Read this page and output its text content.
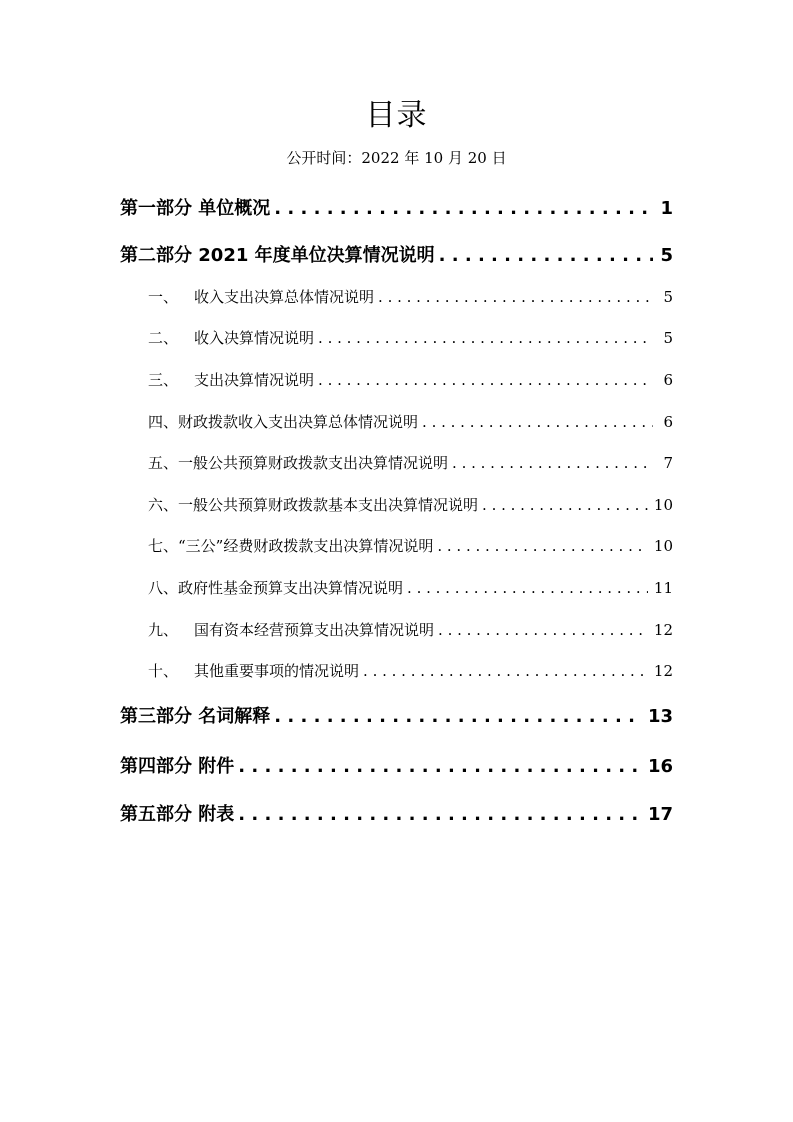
目录
公开时间：2022 年 10 月 20 日
第一部分 单位概况 . . .	1
第二部分 2021 年度单位决算情况说明 . . .	5
一、	收入支出决算总体情况说明 . . .	5
二、	收入决算情况说明 . . .	5
三、	支出决算情况说明 . . .	6
四、 财政拨款收入支出决算总体情况说明 . . .	6
五、 一般公共预算财政拨款支出决算情况说明 . . .	7
六、 一般公共预算财政拨款基本支出决算情况说明 . . .	10
七、 “三公”经费财政拨款支出决算情况说明 . . .	10
八、 政府性基金预算支出决算情况说明 . . .	11
九、	国有资本经营预算支出决算情况说明 . . .	12
十、	其他重要事项的情况说明 . . .	12
第三部分 名词解释 . . .	13
第四部分 附件 . . .	16
第五部分 附表 . . .	17
